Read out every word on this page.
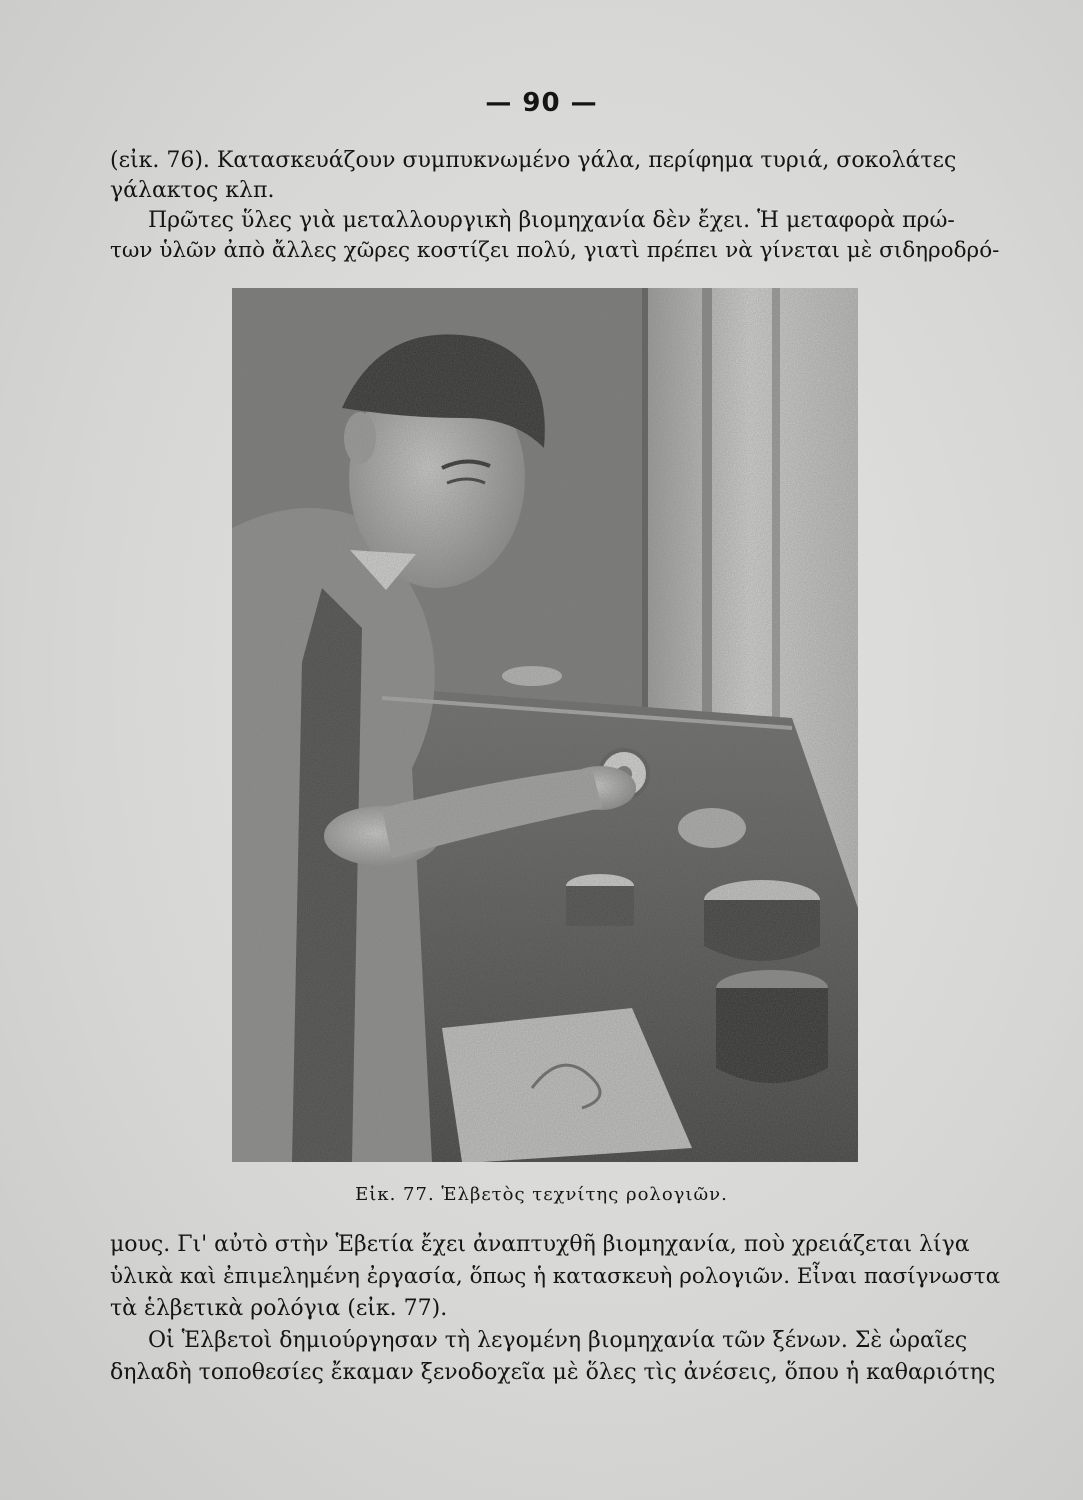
— 90 —
(εἰκ. 76). Κατασκευάζουν συμπυκνωμένο γάλα, περίφημα τυριά, σοκολάτες
γάλακτος κλπ.
Πρῶτες ὕλες γιὰ μεταλλουργικὴ βιομηχανία δὲν ἔχει. Ἡ μεταφορὰ πρώ-
των ὑλῶν ἀπὸ ἄλλες χῶρες κοστίζει πολύ, γιατὶ πρέπει νὰ γίνεται μὲ σιδηροδρό-
Εἰκ. 77. Ἑλβετὸς τεχνίτης ρολογιῶν.
μους. Γι' αὐτὸ στὴν Ἑβετία ἔχει ἀναπτυχθῆ βιομηχανία, ποὺ χρειάζεται λίγα
ὑλικὰ καὶ ἐπιμελημένη ἐργασία, ὅπως ἡ κατασκευὴ ρολογιῶν. Εἶναι πασίγνωστα
τὰ ἑλβετικὰ ρολόγια (εἰκ. 77).
Οἱ Ἑλβετοὶ δημιούργησαν τὴ λεγομένη βιομηχανία τῶν ξένων. Σὲ ὡραῖες
δηλαδὴ τοποθεσίες ἔκαμαν ξενοδοχεῖα μὲ ὅλες τὶς ἀνέσεις, ὅπου ἡ καθαριότης
